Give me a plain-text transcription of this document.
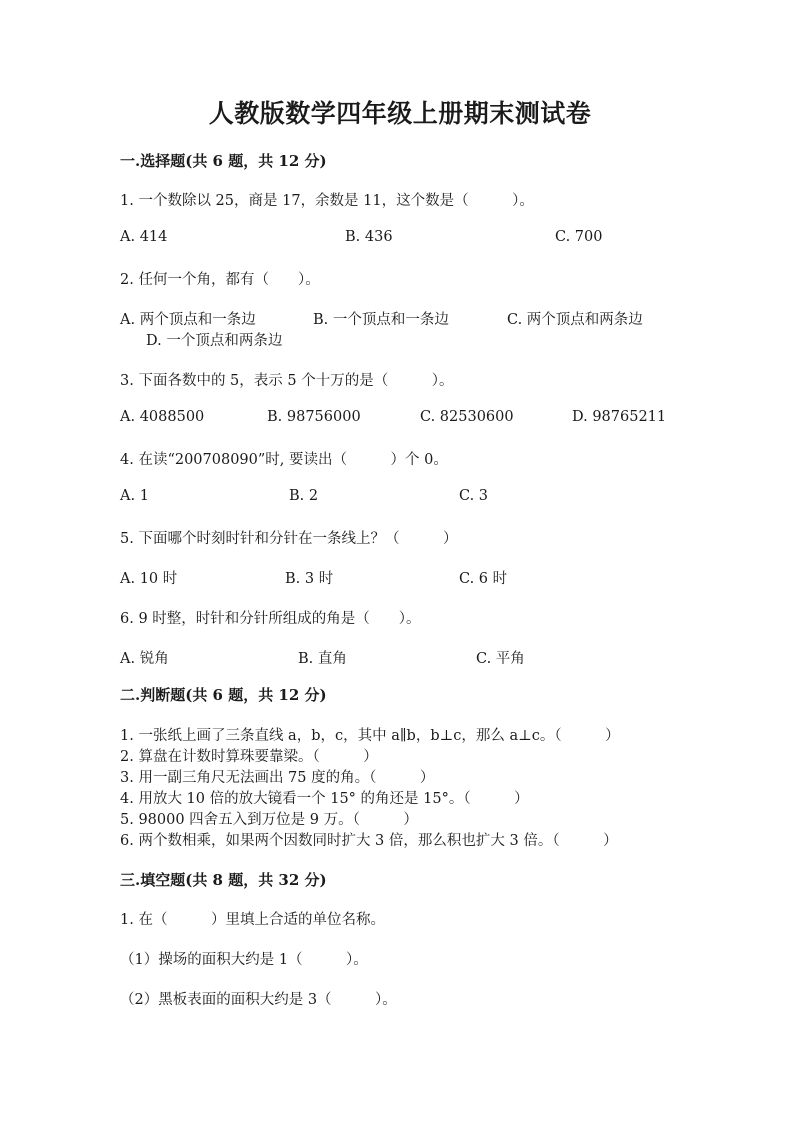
人教版数学四年级上册期末测试卷
一.选择题(共 6 题，共 12 分)
1. 一个数除以 25，商是 17，余数是 11，这个数是（　　　）。
A. 414	B. 436	C. 700
2. 任何一个角，都有（　　）。
A. 两个顶点和一条边	B. 一个顶点和一条边	C. 两个顶点和两条边
D. 一个顶点和两条边
3. 下面各数中的 5，表示 5 个十万的是（　　　）。
A. 4088500	B. 98756000	C. 82530600	D. 98765211
4. 在读“200708090”时, 要读出（　　　）个 0。
A. 1	B. 2	C. 3
5. 下面哪个时刻时针和分针在一条线上？（　　　）
A. 10 时	B. 3 时	C. 6 时
6. 9 时整，时针和分针所组成的角是（　　）。
A. 锐角	B. 直角	C. 平角
二.判断题(共 6 题，共 12 分)
1. 一张纸上画了三条直线 a，b，c，其中 a∥b，b⊥c，那么 a⊥c。（　　　）
2. 算盘在计数时算珠要靠梁。（　　　）
3. 用一副三角尺无法画出 75 度的角。（　　　）
4. 用放大 10 倍的放大镜看一个 15° 的角还是 15°。（　　　）
5. 98000 四舍五入到万位是 9 万。（　　　）
6. 两个数相乘，如果两个因数同时扩大 3 倍，那么积也扩大 3 倍。（　　　）
三.填空题(共 8 题，共 32 分)
1. 在（　　　）里填上合适的单位名称。
（1）操场的面积大约是 1（　　　）。
（2）黑板表面的面积大约是 3（　　　）。
